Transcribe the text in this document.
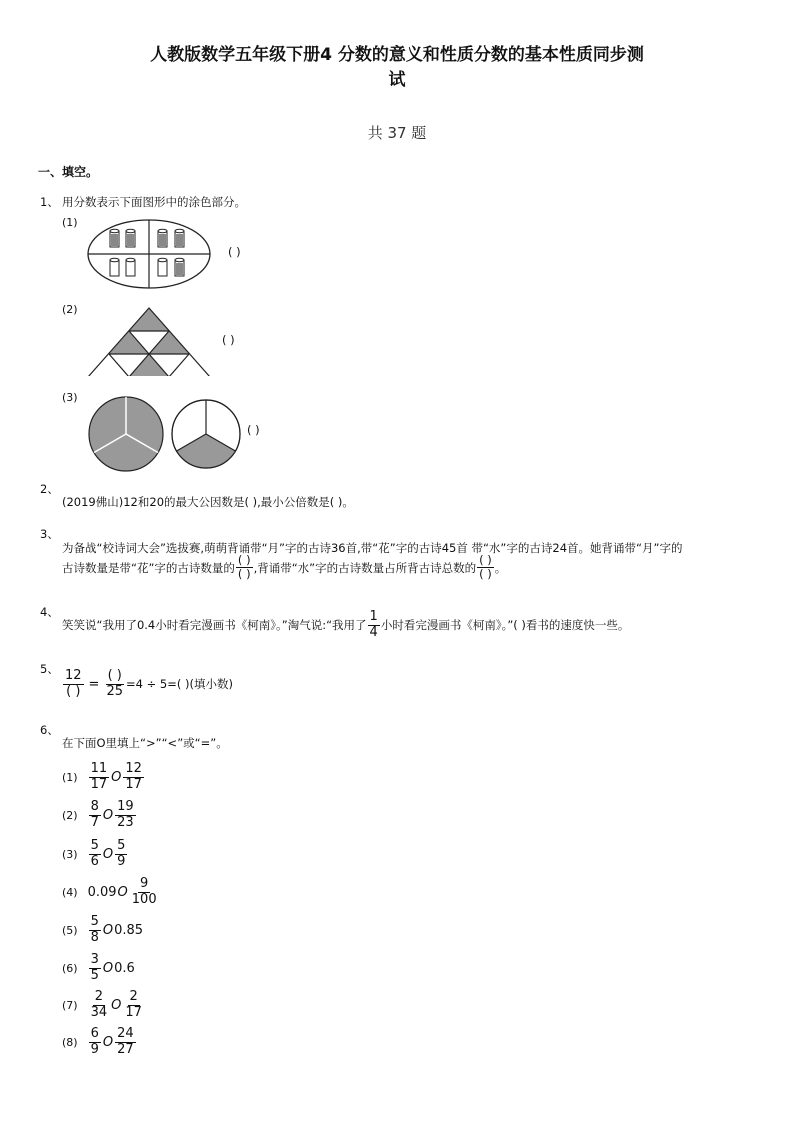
人教版数学五年级下册4 分数的意义和性质分数的基本性质同步测
试
共 37 题
一、填空。
1、 用分数表示下面图形中的涂色部分。
(1)
( )
(2)
( )
(3)
( )
2、
(2019佛山)12和20的最大公因数是( ),最小公倍数是( )。
3、
为备战“校诗词大会”选拔赛,萌萌背诵带“月”字的古诗36首,带“花”字的古诗45首 带“水”字的古诗24首。她背诵带“月”字的
古诗数量是带“花”字的古诗数量的 $\frac{( )}{( )}$ ,背诵带“水”字的古诗数量占所背古诗总数的 $\frac{( )}{( )}$ 。
4、
笑笑说“我用了0.4小时看完漫画书《柯南》。”淘气说:“我用了 $\frac{1}{4}$ 小时看完漫画书《柯南》。”( )看书的速度快一些。
5、 $\frac{12}{( )} = \frac{( )}{25} =4 \div 5=$( )(填小数)
6、
在下面O里填上“>”“<”或“=”。
$(1) \frac{11}{17}$ O $\frac{12}{17}$
$(2) \frac{8}{7}$ O $\frac{19}{23}$
$(3) \frac{5}{6}$ O $\frac{5}{9}$
(4) 0.09 O $\frac{9}{100}$
$(5) \frac{5}{8}$ O 0.85
$(6) \frac{3}{5}$ O 0.6
$(7) \frac{2}{34}$ O $\frac{2}{17}$
$(8) \frac{6}{9}$ O $\frac{24}{27}$
